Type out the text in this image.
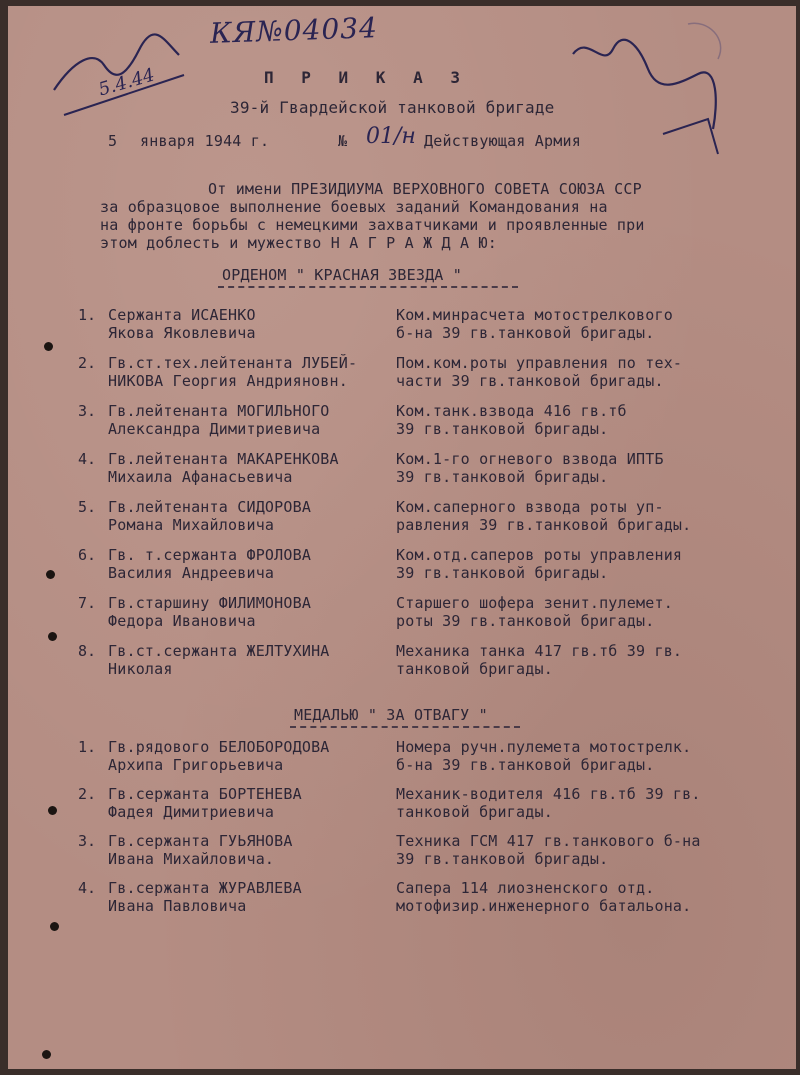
КЯ№04034
5.4.44	П Р И К А З
39-й Гвардейской танковой бригаде
5 января 1944 г.	№ 01/н Действующая Армия
От имени ПРЕЗИДИУМА ВЕРХОВНОГО СОВЕТА СОЮЗА ССР
за образцовое выполнение боевых заданий Командования на
на фронте борьбы с немецкими захватчиками и проявленные при
этом доблесть и мужество Н А Г Р А Ж Д А Ю:
ОРДЕНОМ " КРАСНАЯ ЗВЕЗДА "
1. Сержанта ИСАЕНКО
Якова Яковлевича
Ком.минрасчета мотострелкового
б-на 39 гв.танковой бригады.
2. Гв.ст.тех.лейтенанта ЛУБЕЙ-
НИКОВА Георгия Андрияновн.
Пом.ком.роты управления по тех-
части 39 гв.танковой бригады.
3. Гв.лейтенанта МОГИЛЬНОГО
Александра Димитриевича
Ком.танк.взвода 416 гв.тб
39 гв.танковой бригады.
4. Гв.лейтенанта МАКАРЕНКОВА
Михаила Афанасьевича
Ком.1-го огневого взвода ИПТБ
39 гв.танковой бригады.
5. Гв.лейтенанта СИДОРОВА
Романа Михайловича
Ком.саперного взвода роты уп-
равления 39 гв.танковой бригады.
6. Гв. т.сержанта ФРОЛОВА
Василия Андреевича
Ком.отд.саперов роты управления
39 гв.танковой бригады.
7. Гв.старшину ФИЛИМОНОВА
Федора Ивановича
Старшего шофера зенит.пулемет.
роты 39 гв.танковой бригады.
8. Гв.ст.сержанта ЖЕЛТУХИНА
Николая
Механика танка 417 гв.тб 39 гв.
танковой бригады.
МЕДАЛЬЮ " ЗА ОТВАГУ "
1. Гв.рядового БЕЛОБОРОДОВА
Архипа Григорьевича
Номера ручн.пулемета мотострелк.
б-на 39 гв.танковой бригады.
2. Гв.сержанта БОРТЕНЕВА
Фадея Димитриевича
Механик-водителя 416 гв.тб 39 гв.
танковой бригады.
3. Гв.сержанта ГУЬЯНОВА
Ивана Михайловича.
Техника ГСМ 417 гв.танкового б-на
39 гв.танковой бригады.
4. Гв.сержанта ЖУРАВЛЕВА
Ивана Павловича
Сапера 114 лиозненского отд.
мотофизир.инженерного батальона.
